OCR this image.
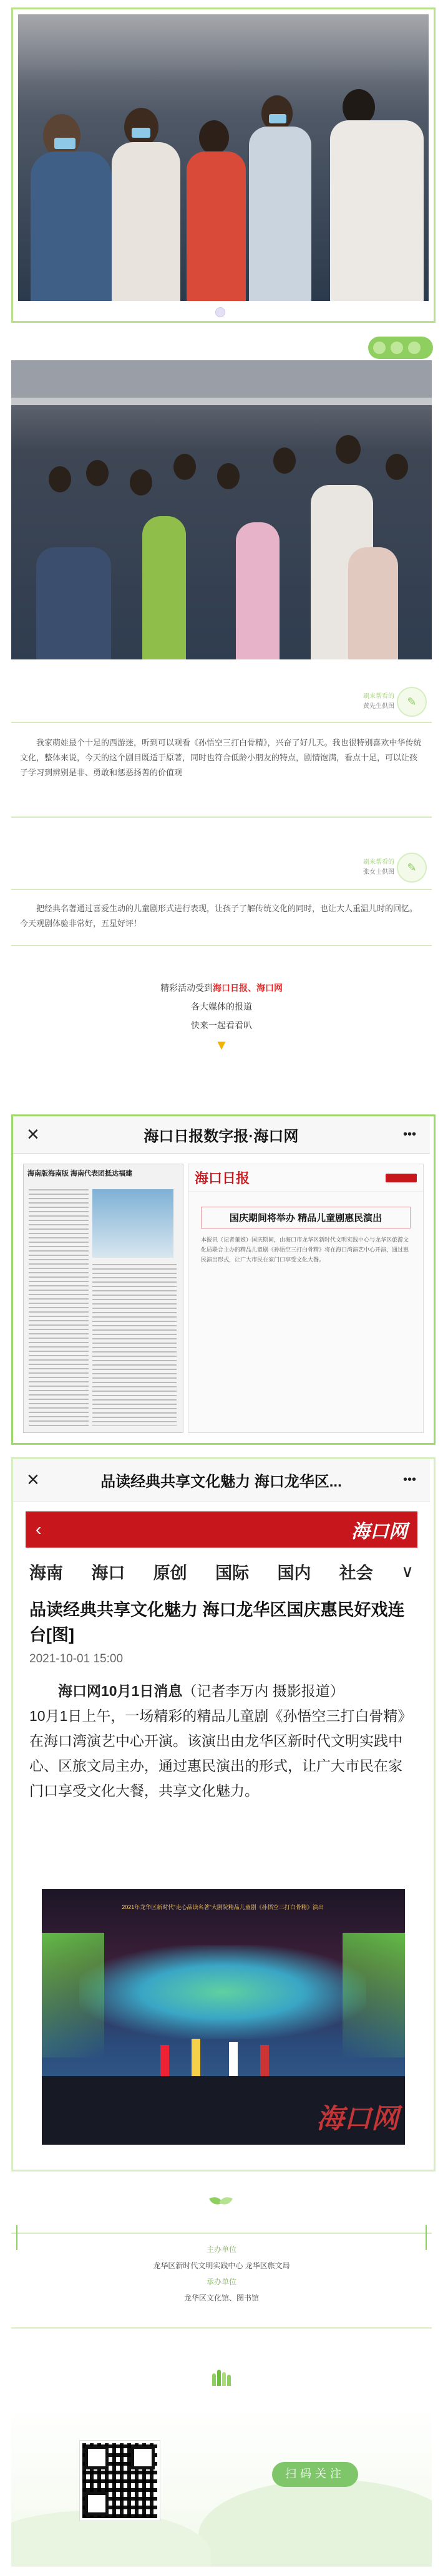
刷来帮看的
黄先生供图	✎

我家萌娃最个十足的西游迷，听到可以观看《孙悟空三打白骨精》，兴奋了好几天。我也很特别喜欢中华传统文化，整体来说，今天的这个剧目既适于原著，同时也符合低龄小朋友的特点，剧情饱满，看点十足，可以让孩子学习到辨别是非、勇敢和惩恶扬善的价值观

刷来帮看的
张女士供图	✎

把经典名著通过喜爱生动的儿童剧形式进行表现，让孩子了解传统文化的同时，也让大人重温儿时的回忆。今天观剧体验非常好，五星好评！

精彩活动受到海口日报、海口网
各大媒体的报道
快来一起看看叭
▼
×	海口日报数字报·海口网	•••
海南版海南版 海南代表团抵达福建	海口日报
国庆期间将举办 精品儿童剧惠民演出
本报讯（记者董娘）国庆期间，由海口市龙华区新时代文明实践中心与龙华区旅游文化局联合主办的精品儿童剧《孙悟空三打白骨精》将在海口湾演艺中心开演，通过惠民演出形式，让广大市民在家门口享受文化大餐。
×	品读经典共享文化魅力 海口龙华区...	•••
‹	海口网
海南 海口 原创 国际 国内 社会 ∨
品读经典共享文化魅力 海口龙华区国庆惠民好戏连台[图]
2021-10-01 15:00
海口网10月1日消息（记者李万内 摄影报道）
10月1日上午，一场精彩的精品儿童剧《孙悟空三打白骨精》在海口湾演艺中心开演。该演出由龙华区新时代文明实践中心、区旅文局主办，通过惠民演出的形式，让广大市民在家门口享受文化大餐，共享文化魅力。
2021年龙华区新时代"走心品读名著"大剧院精品儿童剧《孙悟空三打白骨精》演出
海口网
主办单位
龙华区新时代文明实践中心 龙华区旅文局
承办单位
龙华区文化馆、图书馆
扫码关注
